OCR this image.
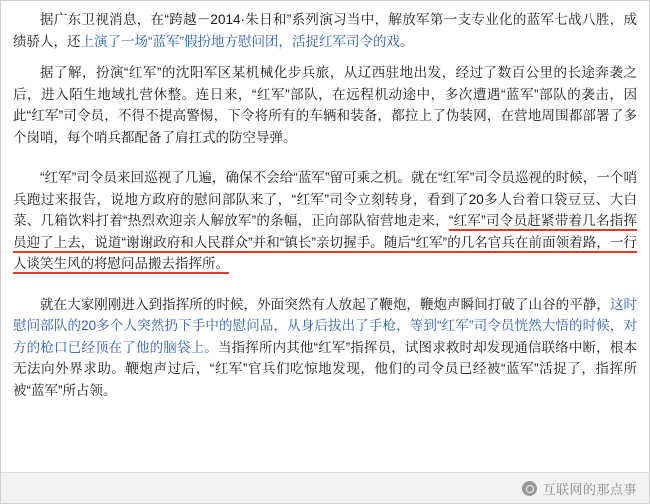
据广东卫视消息，在“跨越－2014·朱日和”系列演习当中，解放军第一支专业化的蓝军七战八胜，成绩骄人，还上演了一场“蓝军”假扮地方慰问团，活捉红军司令的戏。

据了解，扮演“红军”的沈阳军区某机械化步兵旅，从辽西驻地出发，经过了数百公里的长途奔袭之后，进入陌生地域扎营休整。连日来，“红军”部队，在远程机动途中，多次遭遇“蓝军”部队的袭击，因此“红军”司令员，不得不提高警惕，下令将所有的车辆和装备，都拉上了伪装网，在营地周围都部署了多个岗哨，每个哨兵都配备了肩扛式的防空导弹。

“红军”司令员来回巡视了几遍，确保不会给“蓝军”留可乘之机。就在“红军”司令员巡视的时候，一个哨兵跑过来报告，说地方政府的慰问部队来了，“红军”司令立刻转身，看到了20多人台着口袋豆豆、大白菜、几箱饮料打着“热烈欢迎亲人解放军”的条幅，正向部队宿营地走来，“红军”司令员赶紧带着几名指挥员迎了上去，说道“谢谢政府和人民群众”并和“镇长”亲切握手。随后“红军”的几名官兵在前面领着路，一行人谈笑生风的将慰问品搬去指挥所。

就在大家刚刚进入到指挥所的时候，外面突然有人放起了鞭炮，鞭炮声瞬间打破了山谷的平静，这时慰问部队的20多个人突然扔下手中的慰问品，从身后拔出了手枪，等到“红军”司令员恍然大悟的时候，对方的枪口已经顶在了他的脑袋上。当指挥所内其他“红军”指挥员，试图求救时却发现通信联络中断，根本无法向外界求助。鞭炮声过后，“红军”官兵们吃惊地发现，他们的司令员已经被“蓝军”活捉了，指挥所被“蓝军”所占领。

互联网的那点事
